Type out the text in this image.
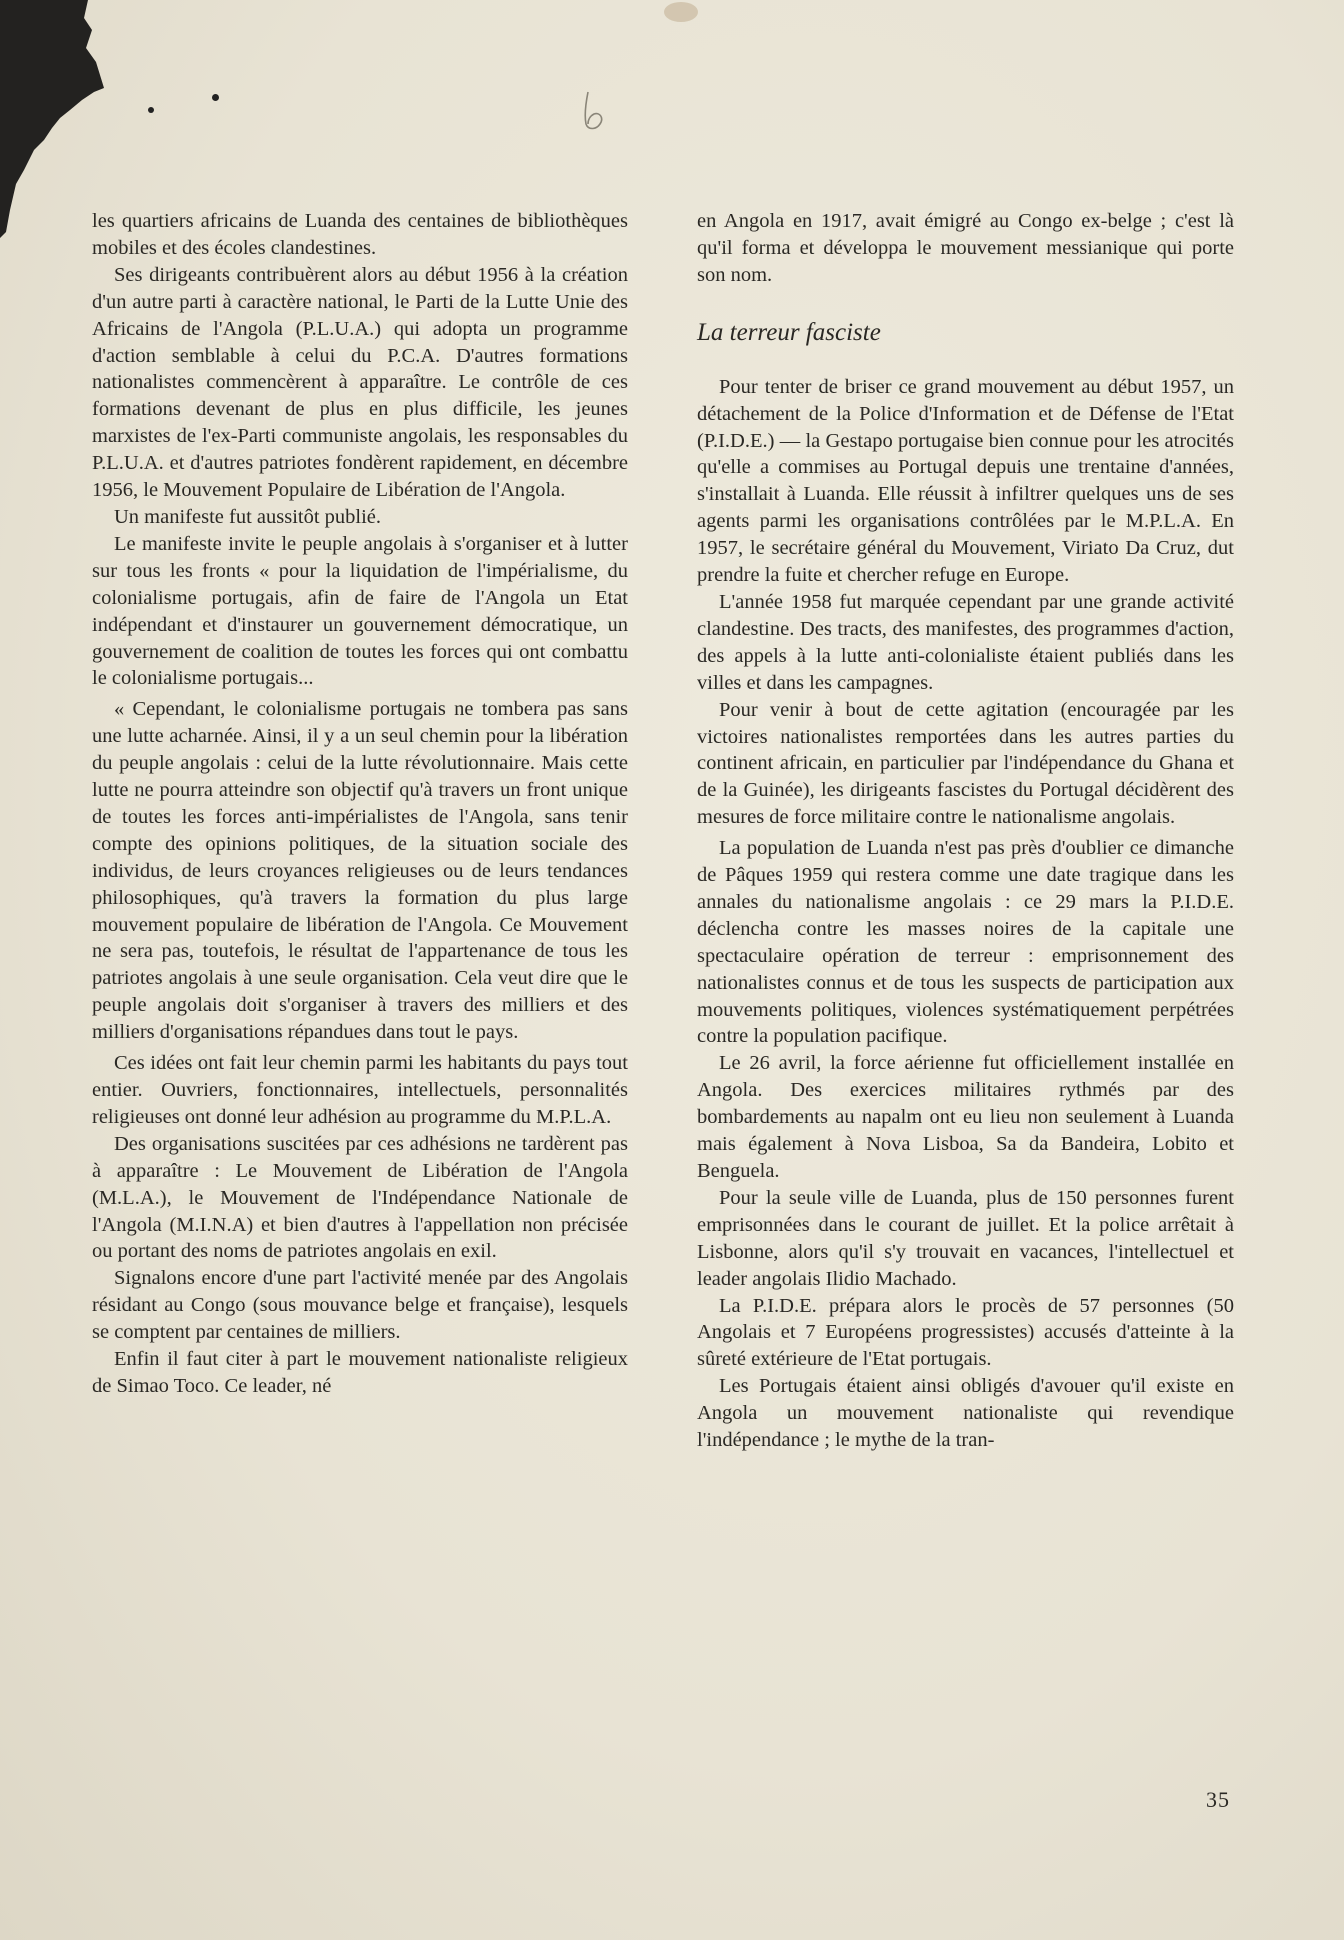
les quartiers africains de Luanda des centaines de bibliothèques mobiles et des écoles clandestines.

Ses dirigeants contribuèrent alors au début 1956 à la création d'un autre parti à caractère national, le Parti de la Lutte Unie des Africains de l'Angola (P.L.U.A.) qui adopta un programme d'action semblable à celui du P.C.A. D'autres formations nationalistes commencèrent à apparaître. Le contrôle de ces formations devenant de plus en plus difficile, les jeunes marxistes de l'ex-Parti communiste angolais, les responsables du P.L.U.A. et d'autres patriotes fondèrent rapidement, en décembre 1956, le Mouvement Populaire de Libération de l'Angola.

Un manifeste fut aussitôt publié.

Le manifeste invite le peuple angolais à s'organiser et à lutter sur tous les fronts « pour la liquidation de l'impérialisme, du colonialisme portugais, afin de faire de l'Angola un Etat indépendant et d'instaurer un gouvernement démocratique, un gouvernement de coalition de toutes les forces qui ont combattu le colonialisme portugais...

« Cependant, le colonialisme portugais ne tombera pas sans une lutte acharnée. Ainsi, il y a un seul chemin pour la libération du peuple angolais : celui de la lutte révolutionnaire. Mais cette lutte ne pourra atteindre son objectif qu'à travers un front unique de toutes les forces anti-impérialistes de l'Angola, sans tenir compte des opinions politiques, de la situation sociale des individus, de leurs croyances religieuses ou de leurs tendances philosophiques, qu'à travers la formation du plus large mouvement populaire de libération de l'Angola. Ce Mouvement ne sera pas, toutefois, le résultat de l'appartenance de tous les patriotes angolais à une seule organisation. Cela veut dire que le peuple angolais doit s'organiser à travers des milliers et des milliers d'organisations répandues dans tout le pays.

Ces idées ont fait leur chemin parmi les habitants du pays tout entier. Ouvriers, fonctionnaires, intellectuels, personnalités religieuses ont donné leur adhésion au programme du M.P.L.A.

Des organisations suscitées par ces adhésions ne tardèrent pas à apparaître : Le Mouvement de Libération de l'Angola (M.L.A.), le Mouvement de l'Indépendance Nationale de l'Angola (M.I.N.A) et bien d'autres à l'appellation non précisée ou portant des noms de patriotes angolais en exil.

Signalons encore d'une part l'activité menée par des Angolais résidant au Congo (sous mouvance belge et française), lesquels se comptent par centaines de milliers.

Enfin il faut citer à part le mouvement nationaliste religieux de Simao Toco. Ce leader, né

en Angola en 1917, avait émigré au Congo ex-belge ; c'est là qu'il forma et développa le mouvement messianique qui porte son nom.

La terreur fasciste

Pour tenter de briser ce grand mouvement au début 1957, un détachement de la Police d'Information et de Défense de l'Etat (P.I.D.E.) — la Gestapo portugaise bien connue pour les atrocités qu'elle a commises au Portugal depuis une trentaine d'années, s'installait à Luanda. Elle réussit à infiltrer quelques uns de ses agents parmi les organisations contrôlées par le M.P.L.A. En 1957, le secrétaire général du Mouvement, Viriato Da Cruz, dut prendre la fuite et chercher refuge en Europe.

L'année 1958 fut marquée cependant par une grande activité clandestine. Des tracts, des manifestes, des programmes d'action, des appels à la lutte anti-colonialiste étaient publiés dans les villes et dans les campagnes.

Pour venir à bout de cette agitation (encouragée par les victoires nationalistes remportées dans les autres parties du continent africain, en particulier par l'indépendance du Ghana et de la Guinée), les dirigeants fascistes du Portugal décidèrent des mesures de force militaire contre le nationalisme angolais.

La population de Luanda n'est pas près d'oublier ce dimanche de Pâques 1959 qui restera comme une date tragique dans les annales du nationalisme angolais : ce 29 mars la P.I.D.E. déclencha contre les masses noires de la capitale une spectaculaire opération de terreur : emprisonnement des nationalistes connus et de tous les suspects de participation aux mouvements politiques, violences systématiquement perpétrées contre la population pacifique.

Le 26 avril, la force aérienne fut officiellement installée en Angola. Des exercices militaires rythmés par des bombardements au napalm ont eu lieu non seulement à Luanda mais également à Nova Lisboa, Sa da Bandeira, Lobito et Benguela.

Pour la seule ville de Luanda, plus de 150 personnes furent emprisonnées dans le courant de juillet. Et la police arrêtait à Lisbonne, alors qu'il s'y trouvait en vacances, l'intellectuel et leader angolais Ilidio Machado.

La P.I.D.E. prépara alors le procès de 57 personnes (50 Angolais et 7 Européens progressistes) accusés d'atteinte à la sûreté extérieure de l'Etat portugais.

Les Portugais étaient ainsi obligés d'avouer qu'il existe en Angola un mouvement nationaliste qui revendique l'indépendance ; le mythe de la tran-

35
